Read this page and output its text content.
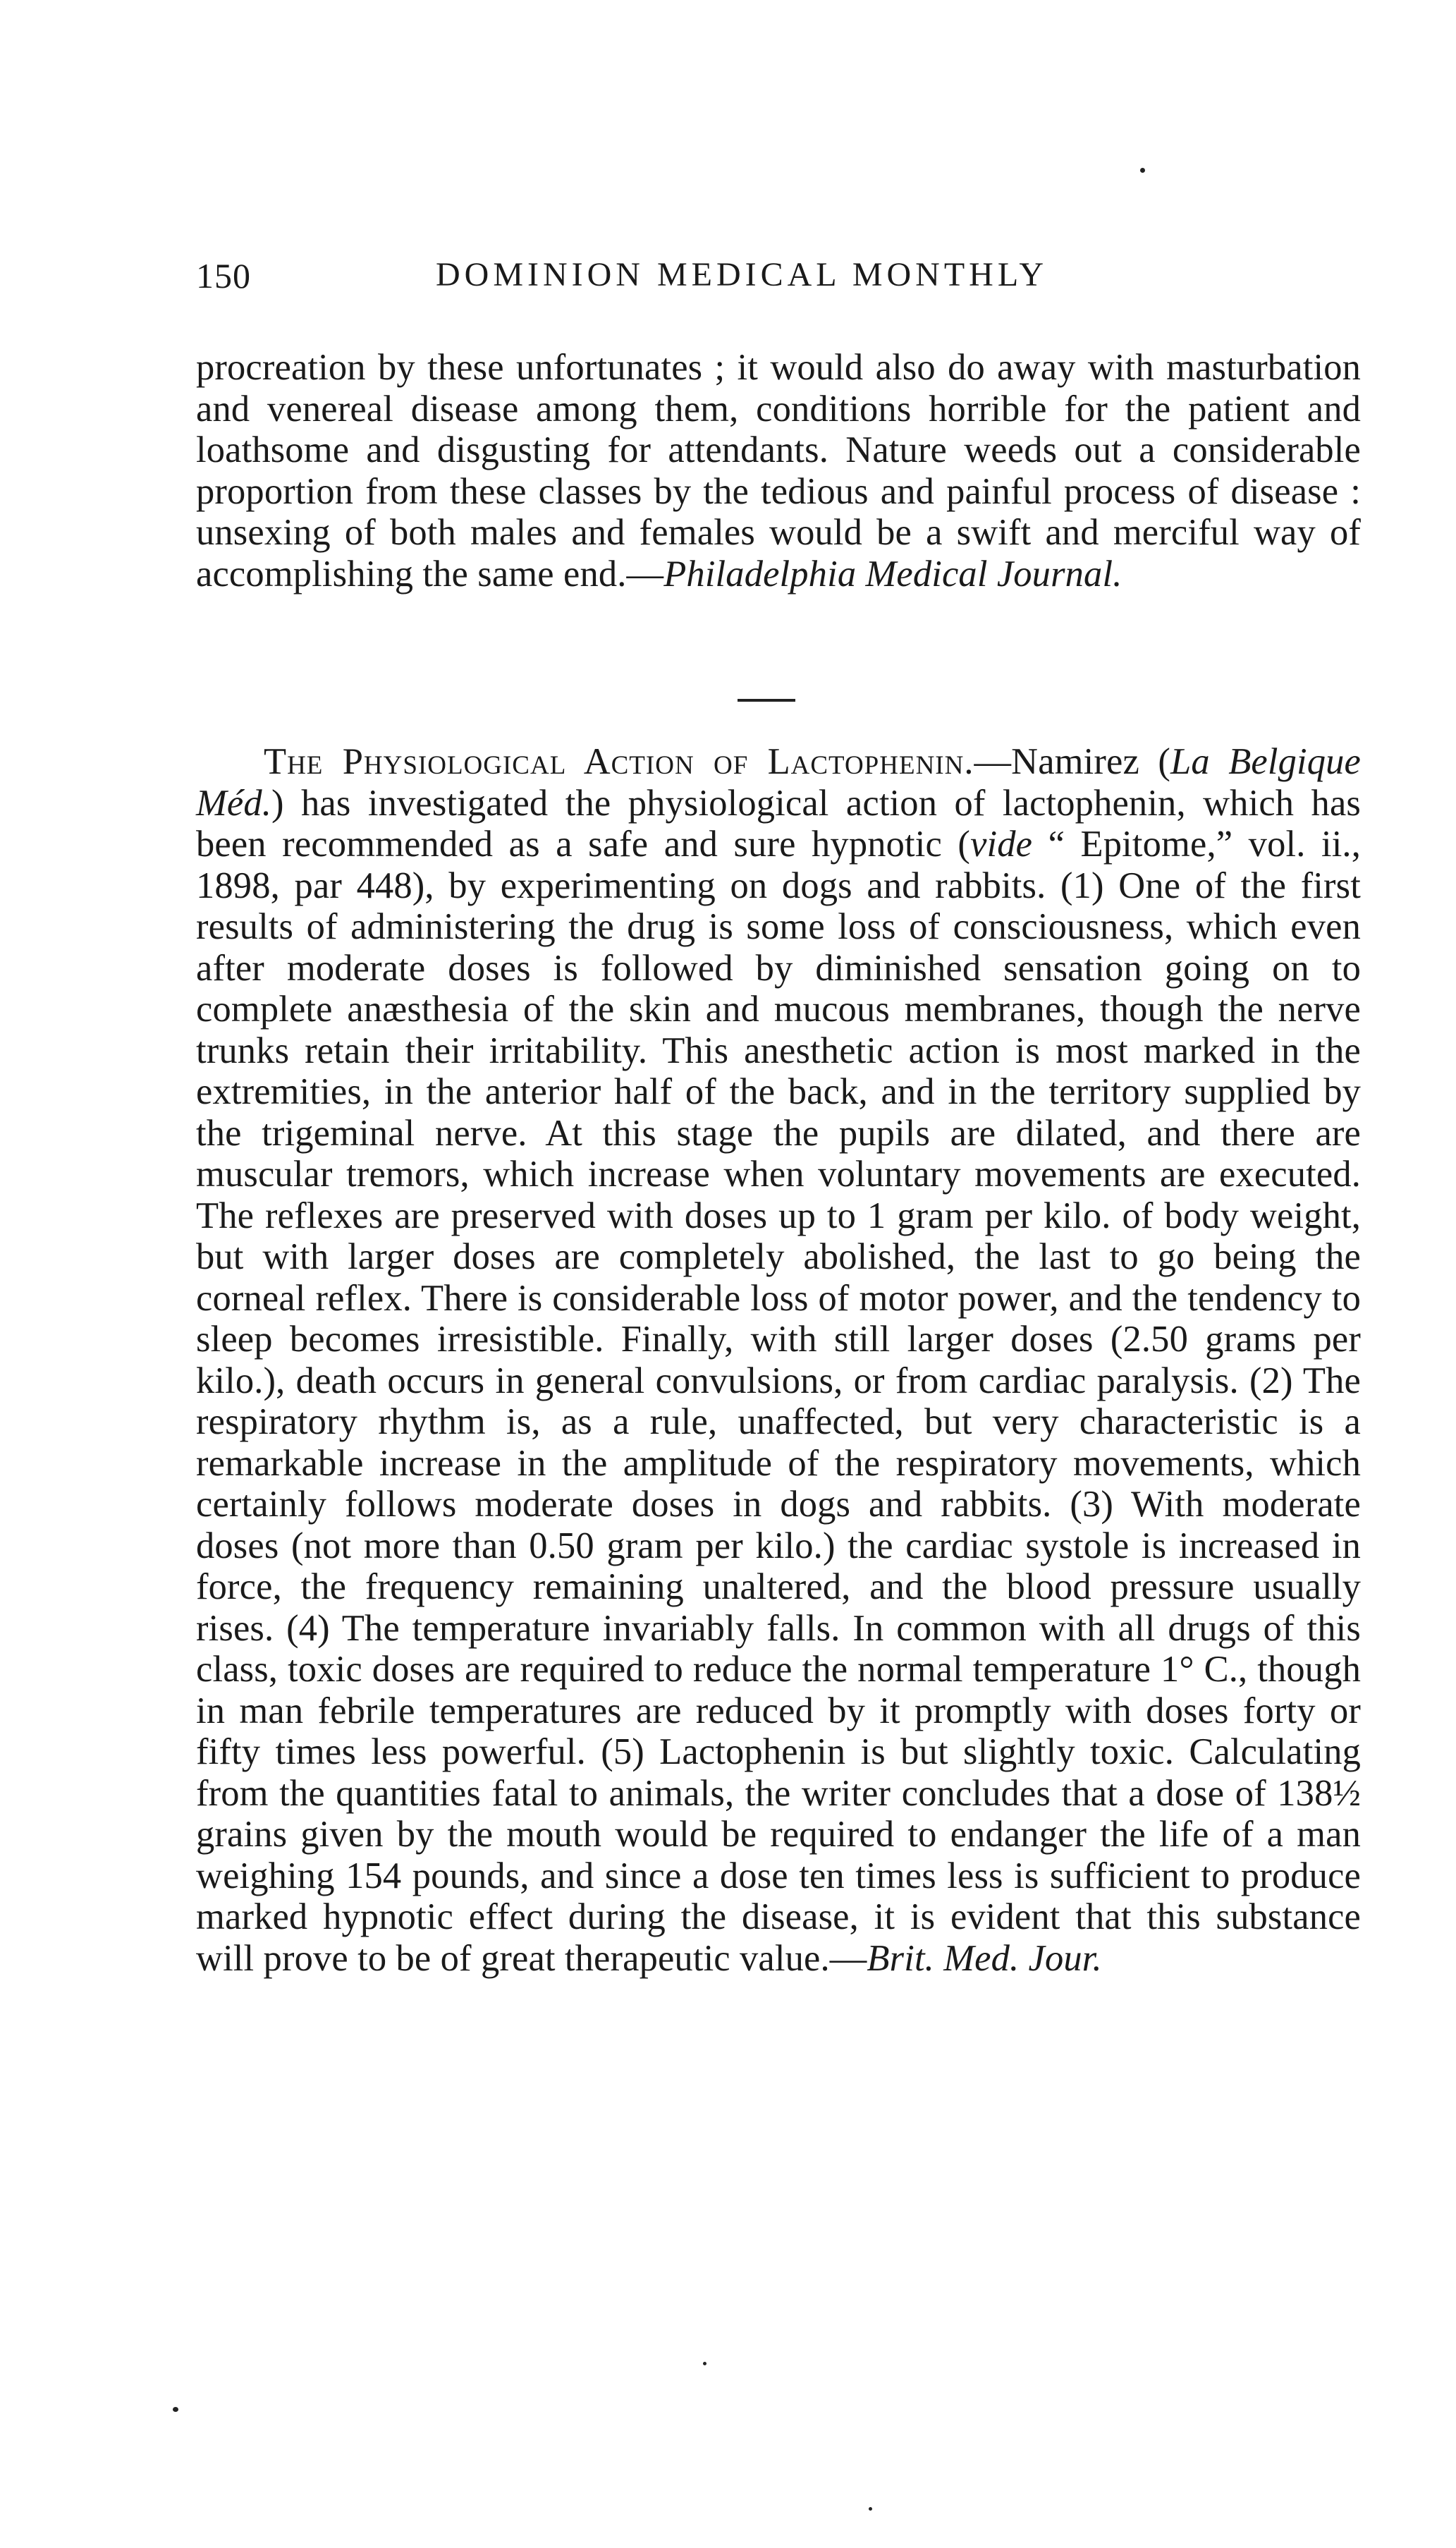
150	DOMINION MEDICAL MONTHLY
procreation by these unfortunates ; it would also do away with masturbation and venereal disease among them, conditions horrible for the patient and loathsome and disgusting for attendants. Nature weeds out a considerable proportion from these classes by the tedious and painful process of disease : unsexing of both males and females would be a swift and merciful way of accomplishing the same end.—Philadelphia Medical Journal.
The Physiological Action of Lactophenin.—Namirez (La Belgique Méd.) has investigated the physiological action of lactophenin, which has been recommended as a safe and sure hypnotic (vide “ Epitome,” vol. ii., 1898, par 448), by experimenting on dogs and rabbits. (1) One of the first results of administering the drug is some loss of consciousness, which even after moderate doses is followed by diminished sensation going on to complete anæsthesia of the skin and mucous membranes, though the nerve trunks retain their irritability. This anesthetic action is most marked in the extremities, in the anterior half of the back, and in the territory supplied by the trigeminal nerve. At this stage the pupils are dilated, and there are muscular tremors, which increase when voluntary movements are executed. The reflexes are preserved with doses up to 1 gram per kilo. of body weight, but with larger doses are completely abolished, the last to go being the corneal reflex. There is considerable loss of motor power, and the tendency to sleep becomes irresistible. Finally, with still larger doses (2.50 grams per kilo.), death occurs in general convulsions, or from cardiac paralysis. (2) The respiratory rhythm is, as a rule, unaffected, but very characteristic is a remarkable increase in the amplitude of the respiratory movements, which certainly follows moderate doses in dogs and rabbits. (3) With moderate doses (not more than 0.50 gram per kilo.) the cardiac systole is increased in force, the frequency remaining unaltered, and the blood pressure usually rises. (4) The temperature invariably falls. In common with all drugs of this class, toxic doses are required to reduce the normal temperature 1° C., though in man febrile temperatures are reduced by it promptly with doses forty or fifty times less powerful. (5) Lactophenin is but slightly toxic. Calculating from the quantities fatal to animals, the writer concludes that a dose of 138½ grains given by the mouth would be required to endanger the life of a man weighing 154 pounds, and since a dose ten times less is sufficient to produce marked hypnotic effect during the disease, it is evident that this substance will prove to be of great therapeutic value.—Brit. Med. Jour.
